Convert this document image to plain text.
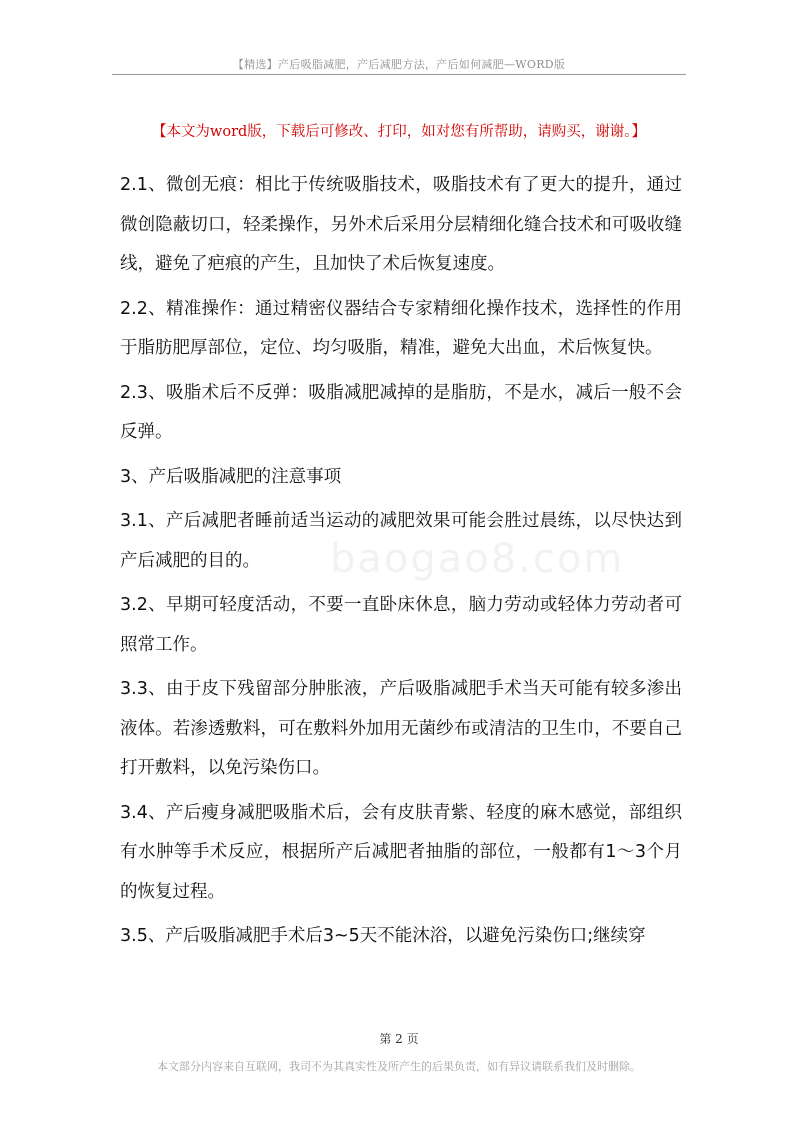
【精选】产后吸脂减肥，产后减肥方法，产后如何减肥—WORD版
【本文为word版，下载后可修改、打印，如对您有所帮助，请购买，谢谢。】
baogao8.com

2.1、微创无痕：相比于传统吸脂技术，吸脂技术有了更大的提升，通过微创隐蔽切口，轻柔操作，另外术后采用分层精细化缝合技术和可吸收缝线，避免了疤痕的产生，且加快了术后恢复速度。

2.2、精准操作：通过精密仪器结合专家精细化操作技术，选择性的作用于脂肪肥厚部位，定位、均匀吸脂，精准，避免大出血，术后恢复快。

2.3、吸脂术后不反弹：吸脂减肥减掉的是脂肪，不是水，减后一般不会反弹。

3、产后吸脂减肥的注意事项

3.1、产后减肥者睡前适当运动的减肥效果可能会胜过晨练，以尽快达到产后减肥的目的。

3.2、早期可轻度活动，不要一直卧床休息，脑力劳动或轻体力劳动者可照常工作。

3.3、由于皮下残留部分肿胀液，产后吸脂减肥手术当天可能有较多渗出液体。若渗透敷料，可在敷料外加用无菌纱布或清洁的卫生巾，不要自己打开敷料，以免污染伤口。

3.4、产后瘦身减肥吸脂术后，会有皮肤青紫、轻度的麻木感觉，部组织有水肿等手术反应，根据所产后减肥者抽脂的部位，一般都有1～3个月的恢复过程。

3.5、产后吸脂减肥手术后3~5天不能沐浴，以避免污染伤口;继续穿

第 2 页
本文部分内容来自互联网，我司不为其真实性及所产生的后果负责，如有异议请联系我们及时删除。
